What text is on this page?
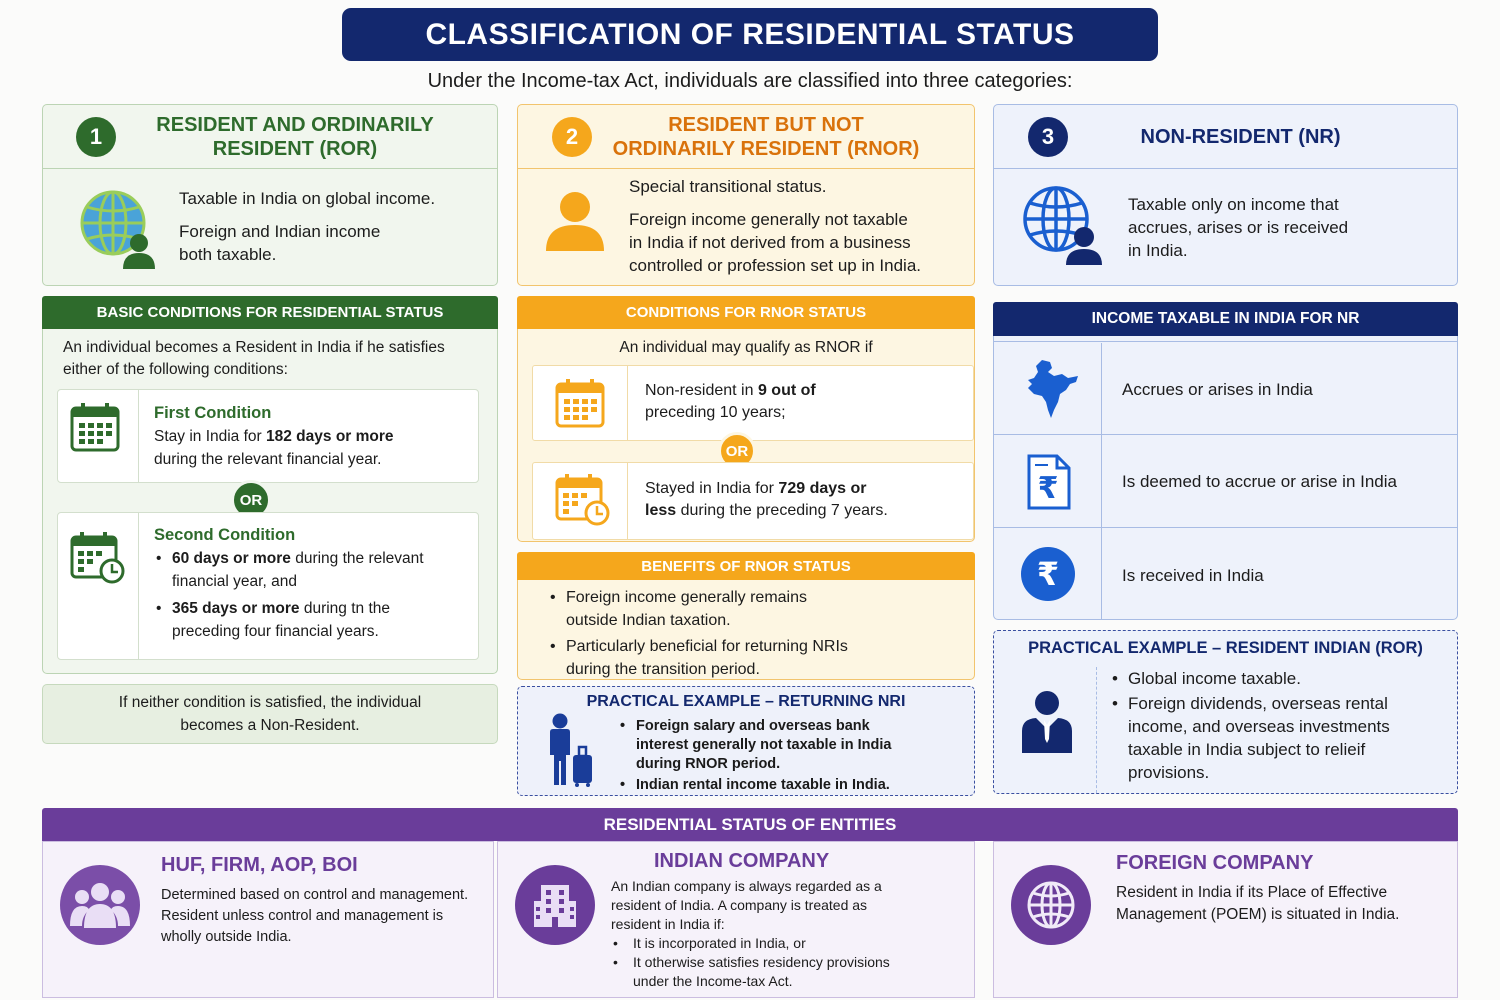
CLASSIFICATION OF RESIDENTIAL STATUS
Under the Income-tax Act, individuals are classified into three categories:
1	RESIDENT AND ORDINARILY
RESIDENT (ROR)
Taxable in India on global income.
Foreign and Indian income
both taxable.
BASIC CONDITIONS FOR RESIDENTIAL STATUS
An individual becomes a Resident in India if he satisfies
either of the following conditions:
First Condition
Stay in India for 182 days or more
during the relevant financial year.
OR
Second Condition
• 60 days or more during the relevant
financial year, and
• 365 days or more during tn the
preceding four financial years.
If neither condition is satisfied, the individual
becomes a Non-Resident.
2	RESIDENT BUT NOT
ORDINARILY RESIDENT (RNOR)
Special transitional status.
Foreign income generally not taxable
in India if not derived from a business
controlled or profession set up in India.
CONDITIONS FOR RNOR STATUS
An individual may qualify as RNOR if
Non-resident in 9 out of
preceding 10 years;
OR
Stayed in India for 729 days or
less during the preceding 7 years.
BENEFITS OF RNOR STATUS
• Foreign income generally remains
outside Indian taxation.
• Particularly beneficial for returning NRIs
during the transition period.
PRACTICAL EXAMPLE – RETURNING NRI
• Foreign salary and overseas bank
interest generally not taxable in India
during RNOR period.
• Indian rental income taxable in India.
3	NON-RESIDENT (NR)
Taxable only on income that
accrues, arises or is received
in India.
INCOME TAXABLE IN INDIA FOR NR
Accrues or arises in India
₹	Is deemed to accrue or arise in India
₹	Is received in India
PRACTICAL EXAMPLE – RESIDENT INDIAN (ROR)
• Global income taxable.
• Foreign dividends, overseas rental
income, and overseas investments
taxable in India subject to relieif
provisions.
RESIDENTIAL STATUS OF ENTITIES
HUF, FIRM, AOP, BOI
Determined based on control and management.
Resident unless control and management is
wholly outside India.
INDIAN COMPANY
An Indian company is always regarded as a
resident of India. A company is treated as
resident in India if:
• It is incorporated in India, or
• It otherwise satisfies residency provisions
under the Income-tax Act.
FOREIGN COMPANY
Resident in India if its Place of Effective
Management (POEM) is situated in India.
